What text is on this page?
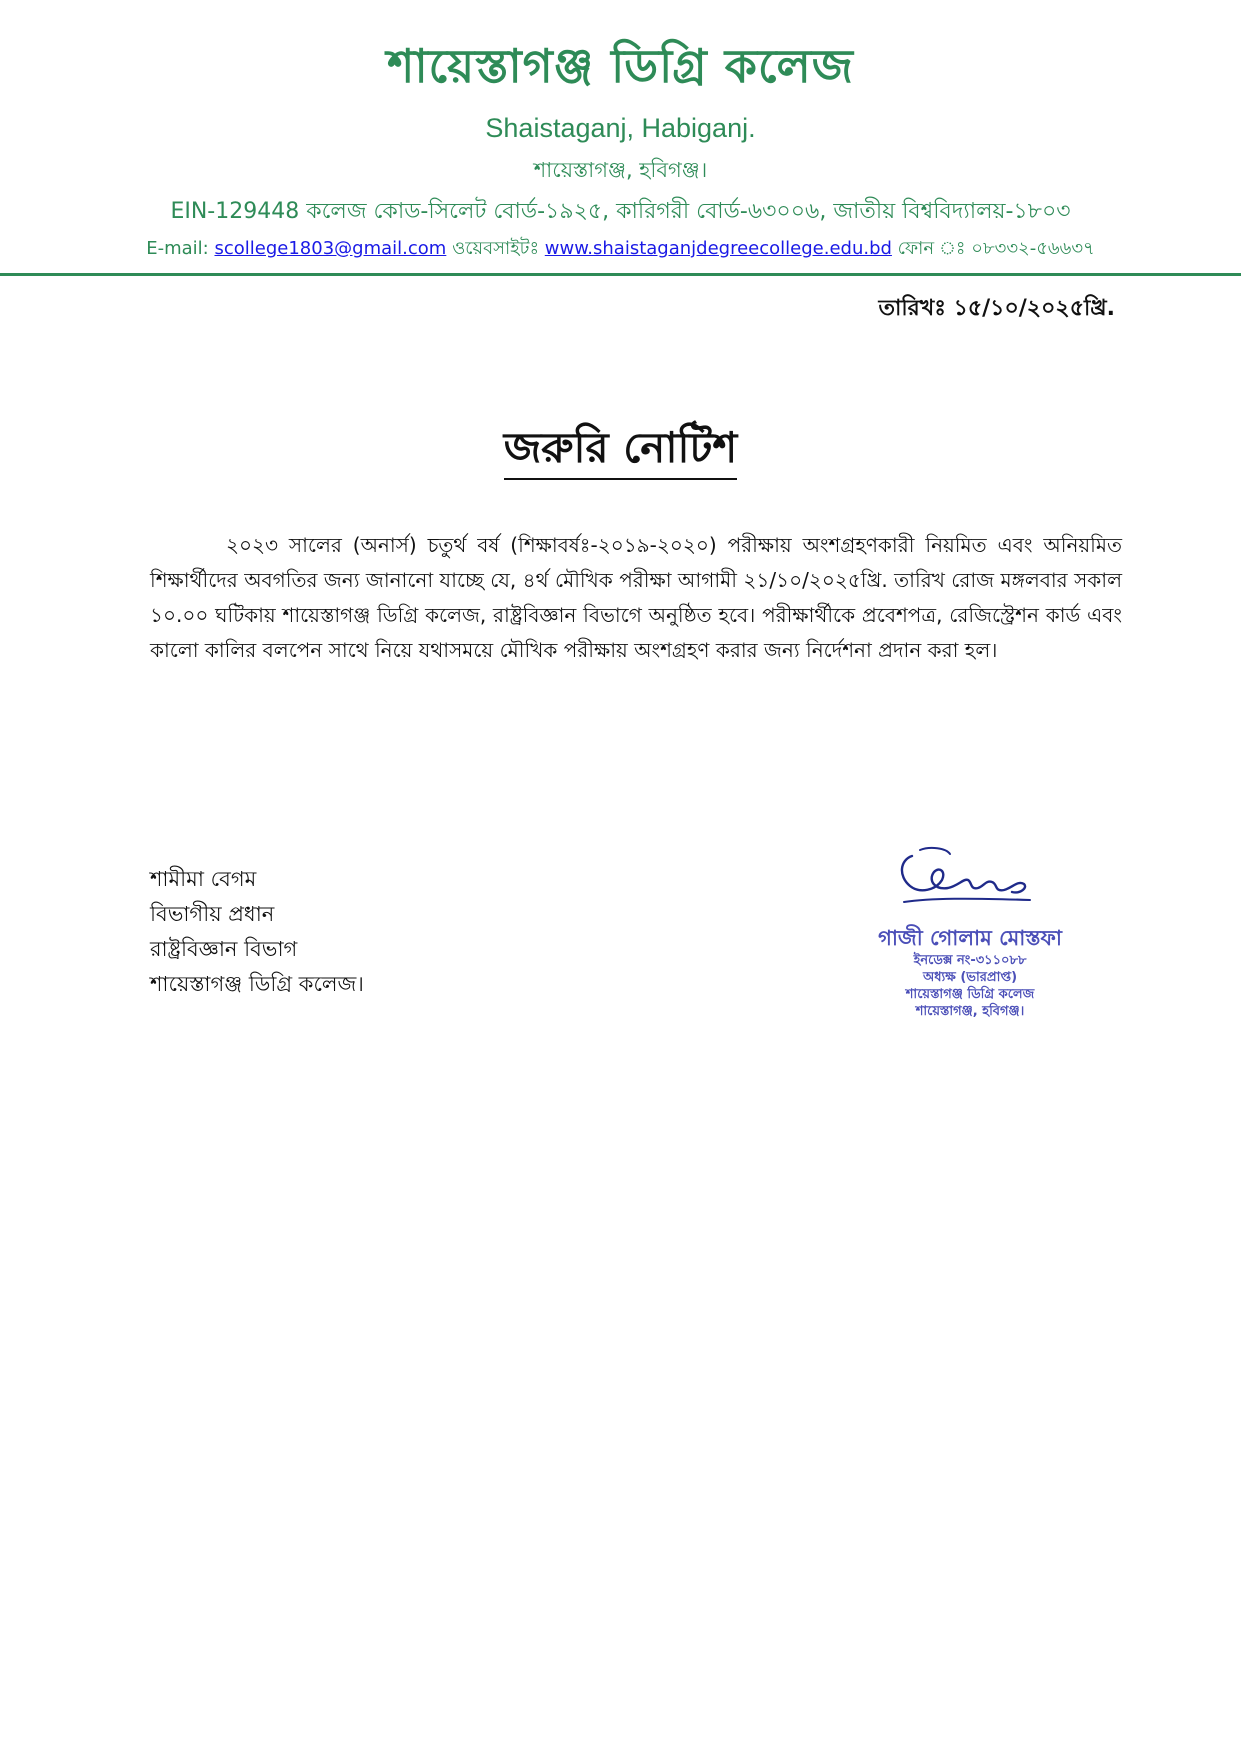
শায়েস্তাগঞ্জ ডিগ্রি কলেজ
Shaistaganj, Habiganj.
শায়েস্তাগঞ্জ, হবিগঞ্জ।
EIN-129448 কলেজ কোড-সিলেট বোর্ড-১৯২৫, কারিগরী বোর্ড-৬৩০০৬, জাতীয় বিশ্ববিদ্যালয়-১৮০৩
E-mail: scollege1803@gmail.com ওয়েবসাইটঃ www.shaistaganjdegreecollege.edu.bd ফোন ঃ ০৮৩৩২-৫৬৬৩৭
তারিখঃ ১৫/১০/২০২৫খ্রি.
জরুরি নোটিশ
২০২৩ সালের (অনার্স) চতুর্থ বর্ষ (শিক্ষাবর্ষঃ-২০১৯-২০২০) পরীক্ষায় অংশগ্রহণকারী নিয়মিত এবং অনিয়মিত শিক্ষার্থীদের অবগতির জন্য জানানো যাচ্ছে যে, ৪র্থ মৌখিক পরীক্ষা আগামী ২১/১০/২০২৫খ্রি. তারিখ রোজ মঙ্গলবার সকাল ১০.০০ ঘটিকায় শায়েস্তাগঞ্জ ডিগ্রি কলেজ, রাষ্ট্রবিজ্ঞান বিভাগে অনুষ্ঠিত হবে। পরীক্ষার্থীকে প্রবেশপত্র, রেজিস্ট্রেশন কার্ড এবং কালো কালির বলপেন সাথে নিয়ে যথাসময়ে মৌখিক পরীক্ষায় অংশগ্রহণ করার জন্য নির্দেশনা প্রদান করা হল।
শামীমা বেগম
বিভাগীয় প্রধান
রাষ্ট্রবিজ্ঞান বিভাগ
শায়েস্তাগঞ্জ ডিগ্রি কলেজ।
গাজী গোলাম মোস্তফা
ইনডেক্স নং-৩১১০৮৮
অধ্যক্ষ (ভারপ্রাপ্ত)
শায়েস্তাগঞ্জ ডিগ্রি কলেজ
শায়েস্তাগঞ্জ, হবিগঞ্জ।
